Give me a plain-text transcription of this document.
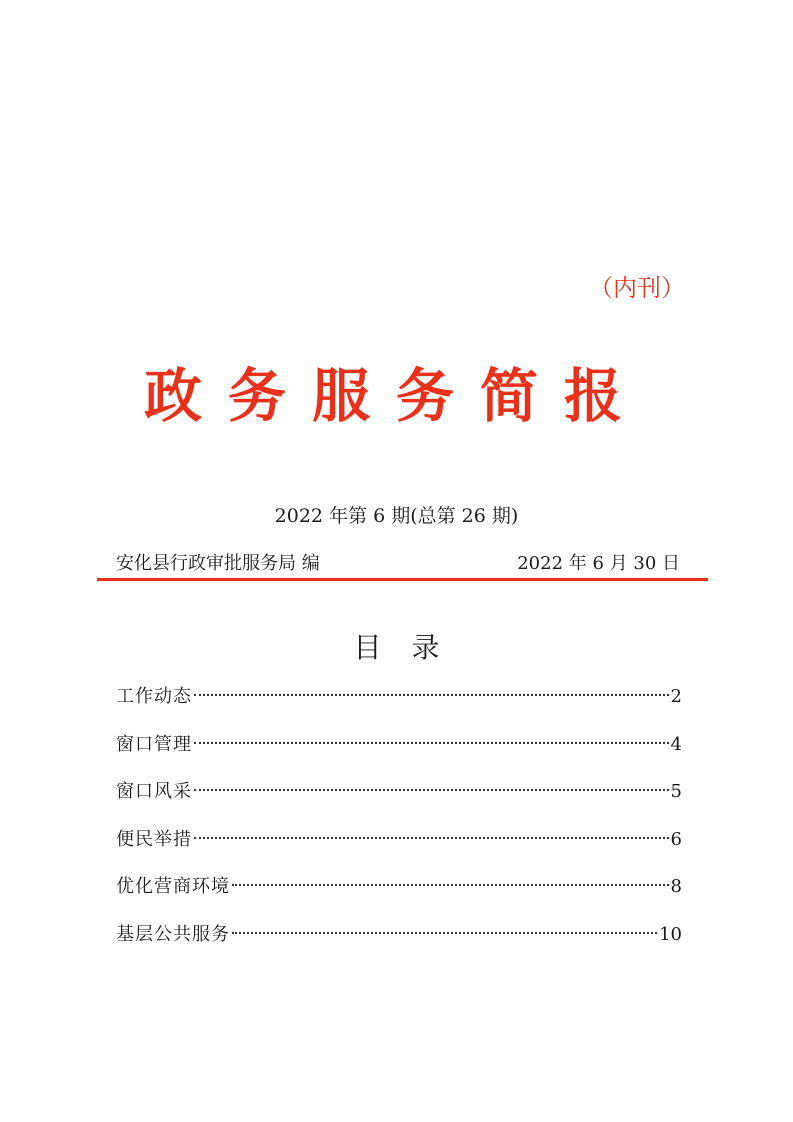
（内刊）
政务服务简报
2022 年第 6 期(总第 26 期)
安化县行政审批服务局 编	2022 年 6 月 30 日
目录
工作动态	2
窗口管理	4
窗口风采	5
便民举措	6
优化营商环境	8
基层公共服务	10
